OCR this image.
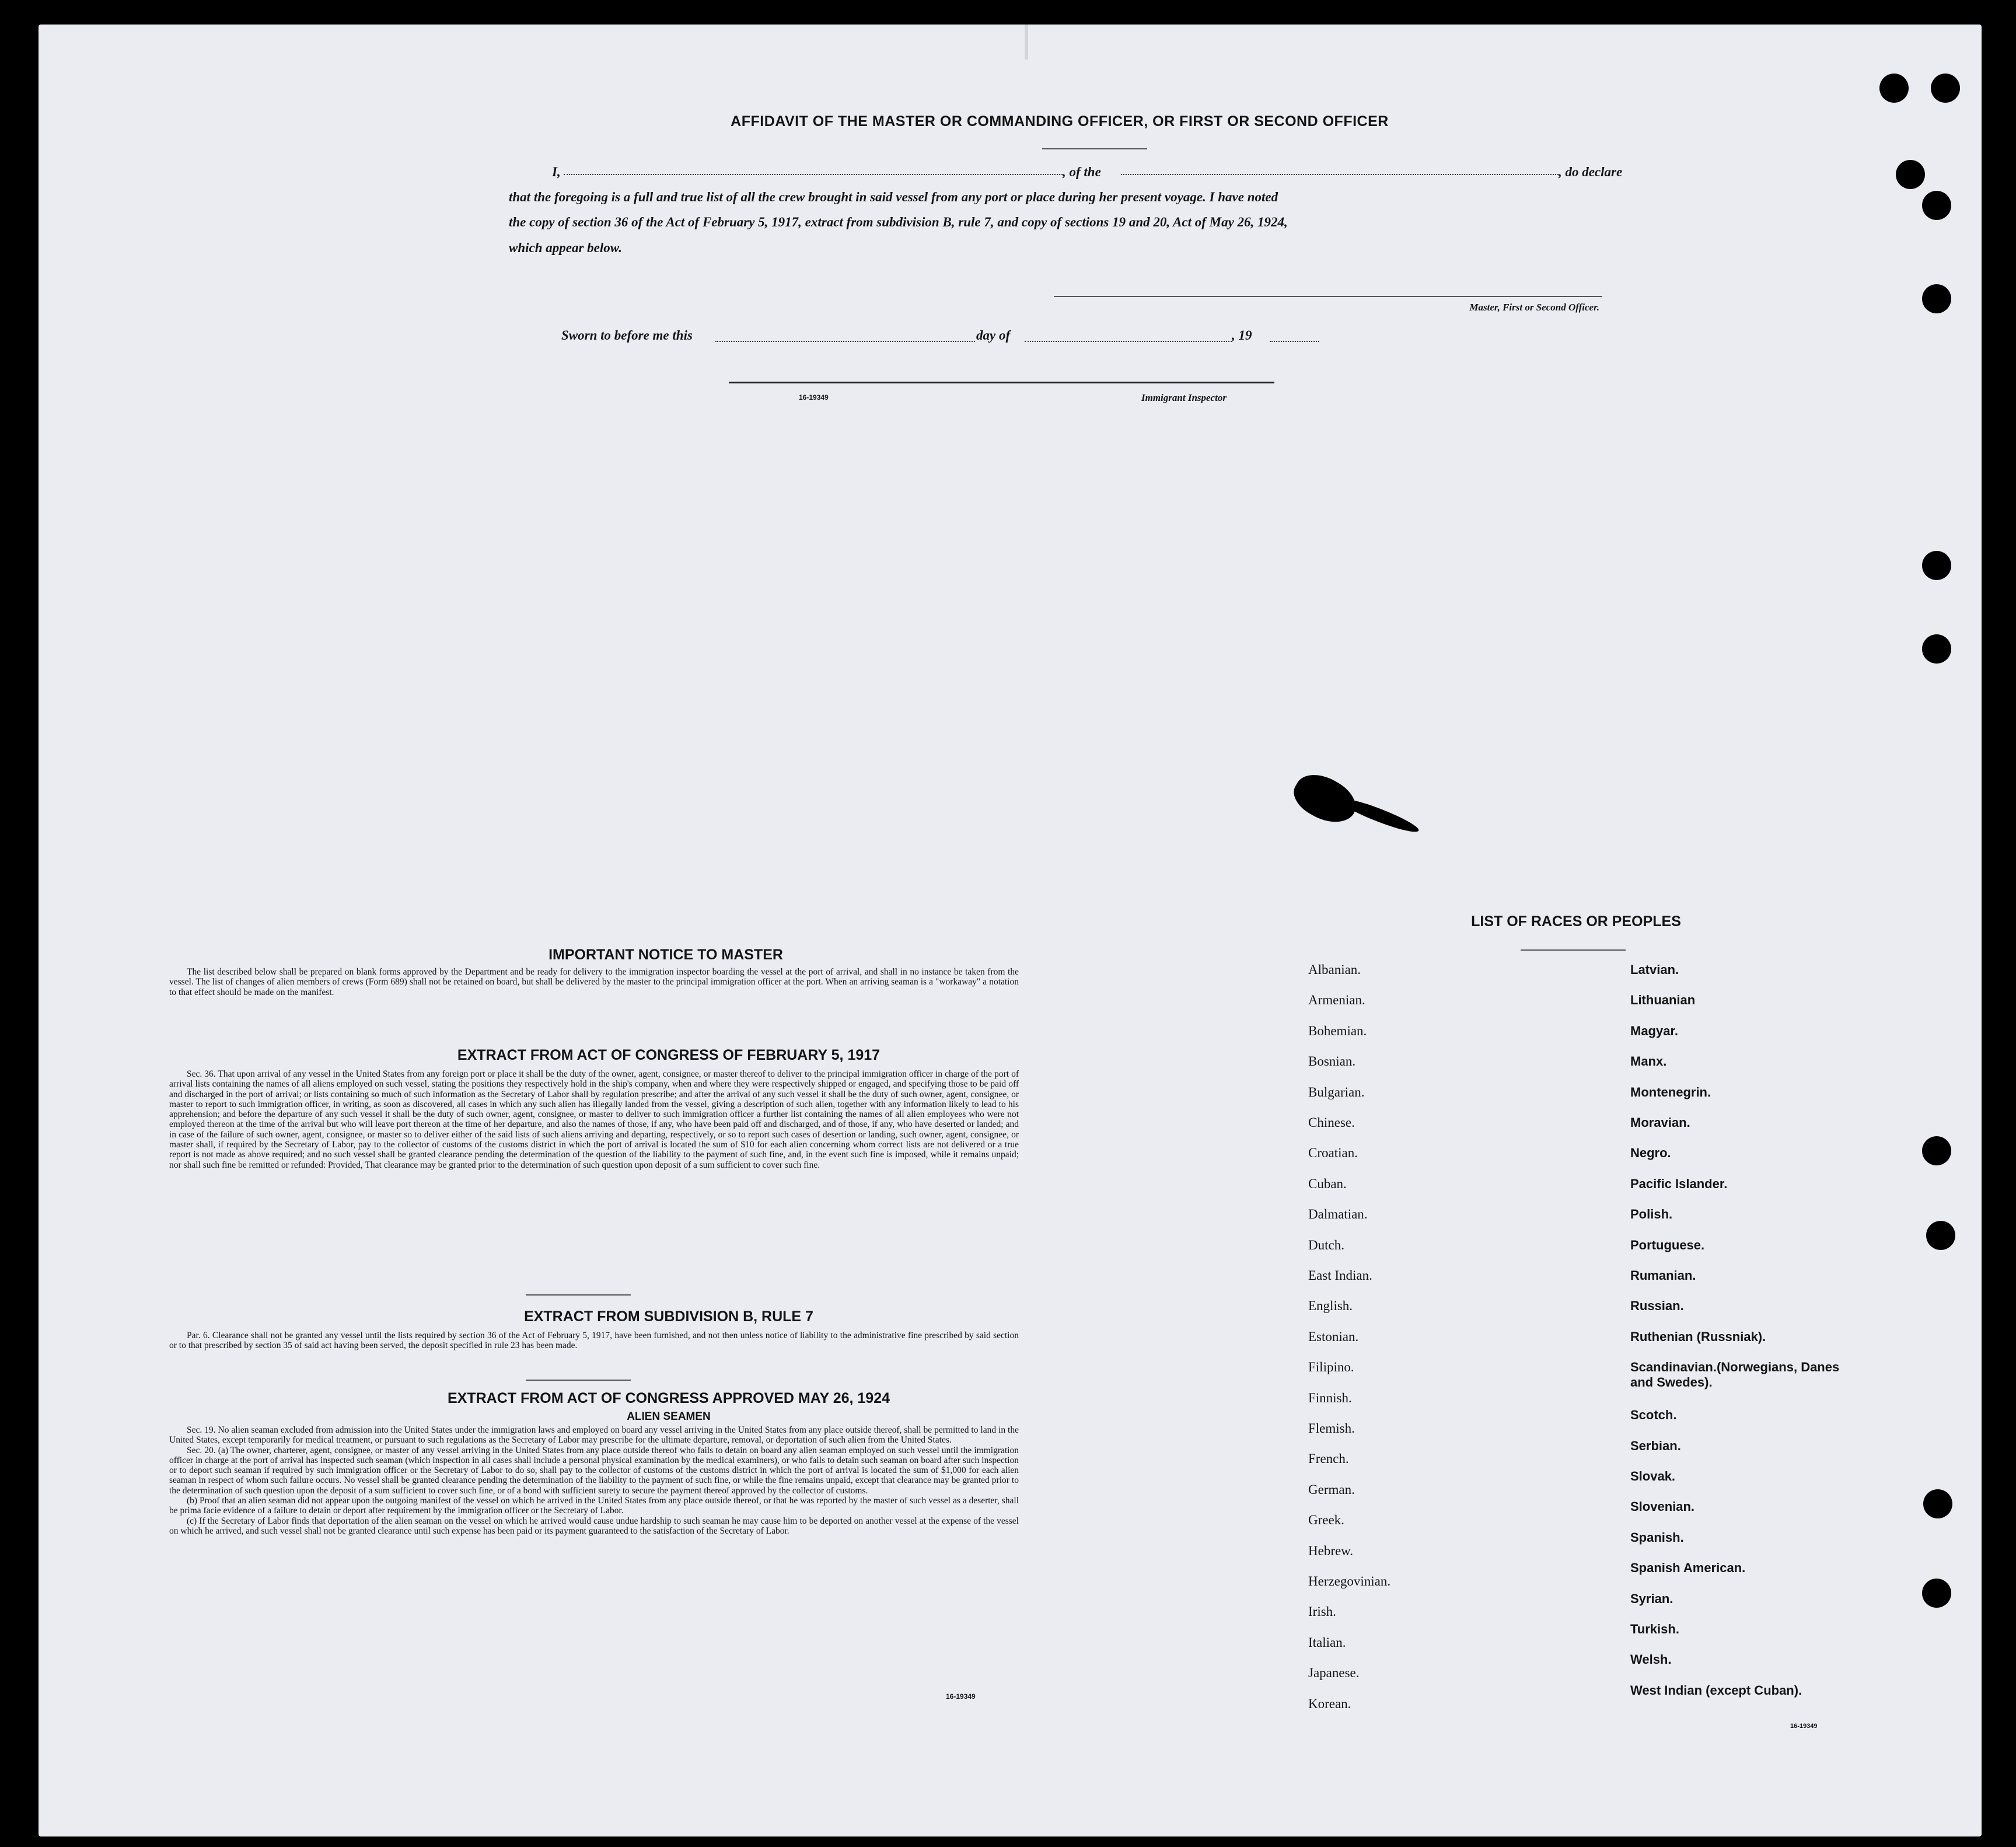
AFFIDAVIT OF THE MASTER OR COMMANDING OFFICER, OR FIRST OR SECOND OFFICER
I,	, of the	, do declare
that the foregoing is a full and true list of all the crew brought in said vessel from any port or place during her present voyage. I have noted
the copy of section 36 of the Act of February 5, 1917, extract from subdivision B, rule 7, and copy of sections 19 and 20, Act of May 26, 1924,
which appear below.
Master, First or Second Officer.
Sworn to before me this	day of	, 19
16-19349	Immigrant Inspector
IMPORTANT NOTICE TO MASTER

The list described below shall be prepared on blank forms approved by the Department and be ready for delivery to the immigration inspector boarding the vessel at the port of arrival, and shall in no instance be taken from the vessel. The list of changes of alien members of crews (Form 689) shall not be retained on board, but shall be delivered by the master to the principal immigration officer at the port. When an arriving seaman is a "workaway" a notation to that effect should be made on the manifest.

EXTRACT FROM ACT OF CONGRESS OF FEBRUARY 5, 1917

Sec. 36. That upon arrival of any vessel in the United States from any foreign port or place it shall be the duty of the owner, agent, consignee, or master thereof to deliver to the principal immigration officer in charge of the port of arrival lists containing the names of all aliens employed on such vessel, stating the positions they respectively hold in the ship's company, when and where they were respectively shipped or engaged, and specifying those to be paid off and discharged in the port of arrival; or lists containing so much of such information as the Secretary of Labor shall by regulation prescribe; and after the arrival of any such vessel it shall be the duty of such owner, agent, consignee, or master to report to such immigration officer, in writing, as soon as discovered, all cases in which any such alien has illegally landed from the vessel, giving a description of such alien, together with any information likely to lead to his apprehension; and before the departure of any such vessel it shall be the duty of such owner, agent, consignee, or master to deliver to such immigration officer a further list containing the names of all alien employees who were not employed thereon at the time of the arrival but who will leave port thereon at the time of her departure, and also the names of those, if any, who have been paid off and discharged, and of those, if any, who have deserted or landed; and in case of the failure of such owner, agent, consignee, or master so to deliver either of the said lists of such aliens arriving and departing, respectively, or so to report such cases of desertion or landing, such owner, agent, consignee, or master shall, if required by the Secretary of Labor, pay to the collector of customs of the customs district in which the port of arrival is located the sum of $10 for each alien concerning whom correct lists are not delivered or a true report is not made as above required; and no such vessel shall be granted clearance pending the determination of the question of the liability to the payment of such fine, and, in the event such fine is imposed, while it remains unpaid; nor shall such fine be remitted or refunded: Provided, That clearance may be granted prior to the determination of such question upon deposit of a sum sufficient to cover such fine.

EXTRACT FROM SUBDIVISION B, RULE 7

Par. 6. Clearance shall not be granted any vessel until the lists required by section 36 of the Act of February 5, 1917, have been furnished, and not then unless notice of liability to the administrative fine prescribed by said section or to that prescribed by section 35 of said act having been served, the deposit specified in rule 23 has been made.

EXTRACT FROM ACT OF CONGRESS APPROVED MAY 26, 1924
ALIEN SEAMEN

Sec. 19. No alien seaman excluded from admission into the United States under the immigration laws and employed on board any vessel arriving in the United States from any place outside thereof, shall be permitted to land in the United States, except temporarily for medical treatment, or pursuant to such regulations as the Secretary of Labor may prescribe for the ultimate departure, removal, or deportation of such alien from the United States.

Sec. 20. (a) The owner, charterer, agent, consignee, or master of any vessel arriving in the United States from any place outside thereof who fails to detain on board any alien seaman employed on such vessel until the immigration officer in charge at the port of arrival has inspected such seaman (which inspection in all cases shall include a personal physical examination by the medical examiners), or who fails to detain such seaman on board after such inspection or to deport such seaman if required by such immigration officer or the Secretary of Labor to do so, shall pay to the collector of customs of the customs district in which the port of arrival is located the sum of $1,000 for each alien seaman in respect of whom such failure occurs. No vessel shall be granted clearance pending the determination of the liability to the payment of such fine, or while the fine remains unpaid, except that clearance may be granted prior to the determination of such question upon the deposit of a sum sufficient to cover such fine, or of a bond with sufficient surety to secure the payment thereof approved by the collector of customs.

(b) Proof that an alien seaman did not appear upon the outgoing manifest of the vessel on which he arrived in the United States from any place outside thereof, or that he was reported by the master of such vessel as a deserter, shall be prima facie evidence of a failure to detain or deport after requirement by the immigration officer or the Secretary of Labor.

(c) If the Secretary of Labor finds that deportation of the alien seaman on the vessel on which he arrived would cause undue hardship to such seaman he may cause him to be deported on another vessel at the expense of the vessel on which he arrived, and such vessel shall not be granted clearance until such expense has been paid or its payment guaranteed to the satisfaction of the Secretary of Labor.

16-19349
LIST OF RACES OR PEOPLES
Albanian.
Armenian.
Bohemian.
Bosnian.
Bulgarian.
Chinese.
Croatian.
Cuban.
Dalmatian.
Dutch.
East Indian.
English.
Estonian.
Filipino.
Finnish.
Flemish.
French.
German.
Greek.
Hebrew.
Herzegovinian.
Irish.
Italian.
Japanese.
Korean.
Latvian.
Lithuanian
Magyar.
Manx.
Montenegrin.
Moravian.
Negro.
Pacific Islander.
Polish.
Portuguese.
Rumanian.
Russian.
Ruthenian (Russniak).
Scandinavian.(Norwegians, Danes and Swedes).
Scotch.
Serbian.
Slovak.
Slovenian.
Spanish.
Spanish American.
Syrian.
Turkish.
Welsh.
West Indian (except Cuban).
16-19349
